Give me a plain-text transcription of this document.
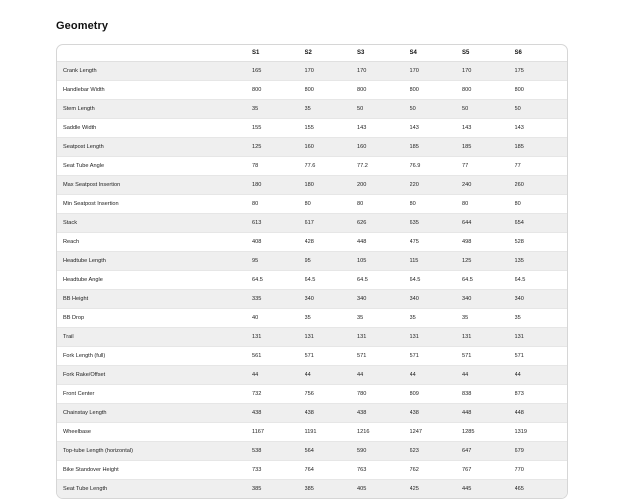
Geometry
	S1	S2	S3	S4	S5	S6
Crank Length	165	170	170	170	170	175
Handlebar Width	800	800	800	800	800	800
Stem Length	35	35	50	50	50	50
Saddle Width	155	155	143	143	143	143
Seatpost Length	125	160	160	185	185	185
Seat Tube Angle	78	77.6	77.2	76.9	77	77
Max Seatpost Insertion	180	180	200	220	240	260
Min Seatpost Insertion	80	80	80	80	80	80
Stack	613	617	626	635	644	654
Reach	408	428	448	475	498	528
Headtube Length	95	95	105	115	125	135
Headtube Angle	64.5	64.5	64.5	64.5	64.5	64.5
BB Height	335	340	340	340	340	340
BB Drop	40	35	35	35	35	35
Trail	131	131	131	131	131	131
Fork Length (full)	561	571	571	571	571	571
Fork Rake/Offset	44	44	44	44	44	44
Front Center	732	756	780	809	838	873
Chainstay Length	438	438	438	438	448	448
Wheelbase	1167	1191	1216	1247	1285	1319
Top-tube Length (horizontal)	538	564	590	623	647	679
Bike Standover Height	733	764	763	762	767	770
Seat Tube Length	385	385	405	425	445	465
